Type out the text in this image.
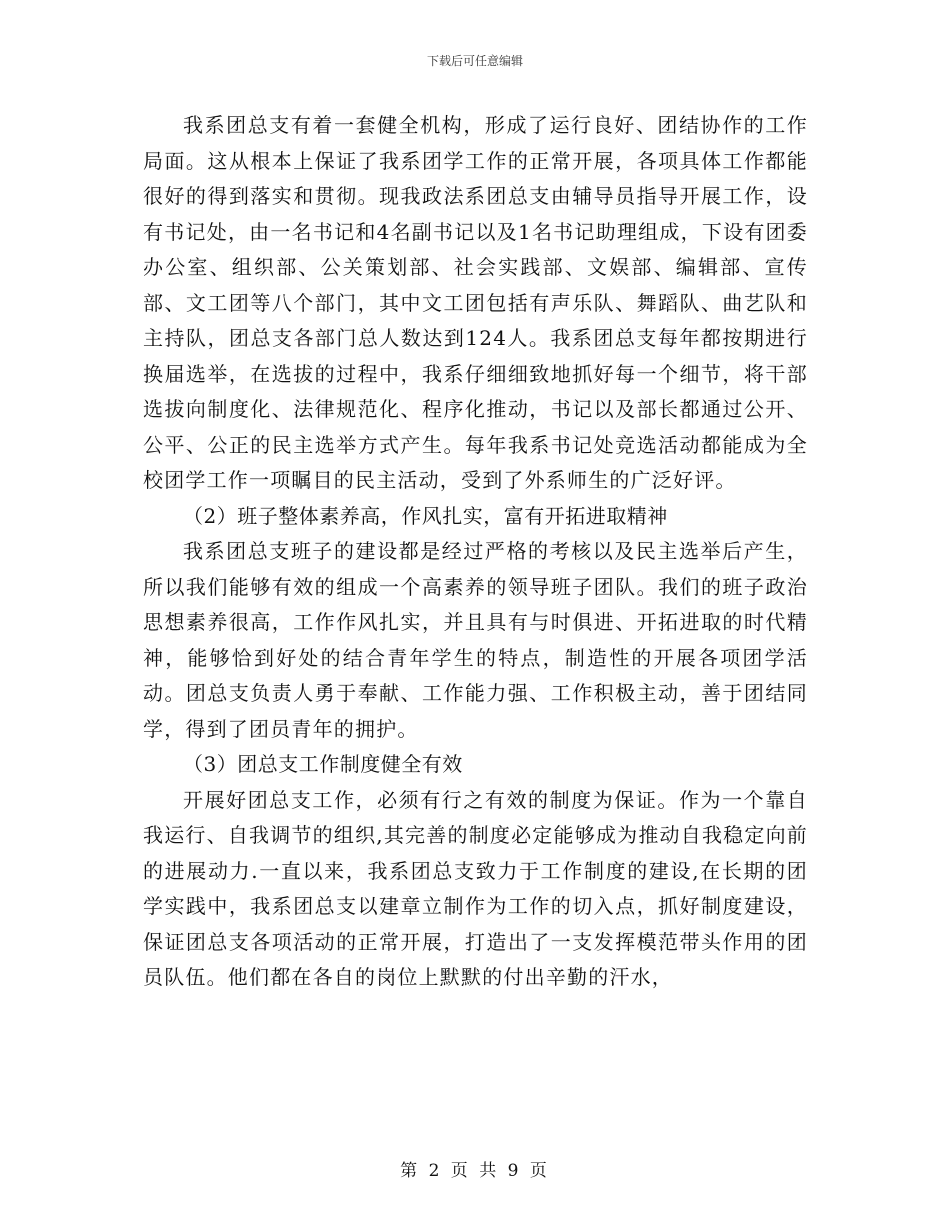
下载后可任意编辑

我系团总支有着一套健全机构，形成了运行良好、团结协作的工作局面。这从根本上保证了我系团学工作的正常开展，各项具体工作都能很好的得到落实和贯彻。现我政法系团总支由辅导员指导开展工作，设有书记处，由一名书记和4名副书记以及1名书记助理组成，下设有团委办公室、组织部、公关策划部、社会实践部、文娱部、编辑部、宣传部、文工团等八个部门，其中文工团包括有声乐队、舞蹈队、曲艺队和主持队，团总支各部门总人数达到124人。我系团总支每年都按期进行换届选举，在选拔的过程中，我系仔细细致地抓好每一个细节，将干部选拔向制度化、法律规范化、程序化推动，书记以及部长都通过公开、公平、公正的民主选举方式产生。每年我系书记处竞选活动都能成为全校团学工作一项瞩目的民主活动，受到了外系师生的广泛好评。

（2）班子整体素养高，作风扎实，富有开拓进取精神

我系团总支班子的建设都是经过严格的考核以及民主选举后产生，所以我们能够有效的组成一个高素养的领导班子团队。我们的班子政治思想素养很高，工作作风扎实，并且具有与时俱进、开拓进取的时代精神，能够恰到好处的结合青年学生的特点，制造性的开展各项团学活动。团总支负责人勇于奉献、工作能力强、工作积极主动，善于团结同学，得到了团员青年的拥护。

（3）团总支工作制度健全有效

开展好团总支工作，必须有行之有效的制度为保证。作为一个靠自我运行、自我调节的组织,其完善的制度必定能够成为推动自我稳定向前的进展动力.一直以来，我系团总支致力于工作制度的建设,在长期的团学实践中，我系团总支以建章立制作为工作的切入点，抓好制度建设，保证团总支各项活动的正常开展，打造出了一支发挥模范带头作用的团员队伍。他们都在各自的岗位上默默的付出辛勤的汗水，

第 2 页 共 9 页
